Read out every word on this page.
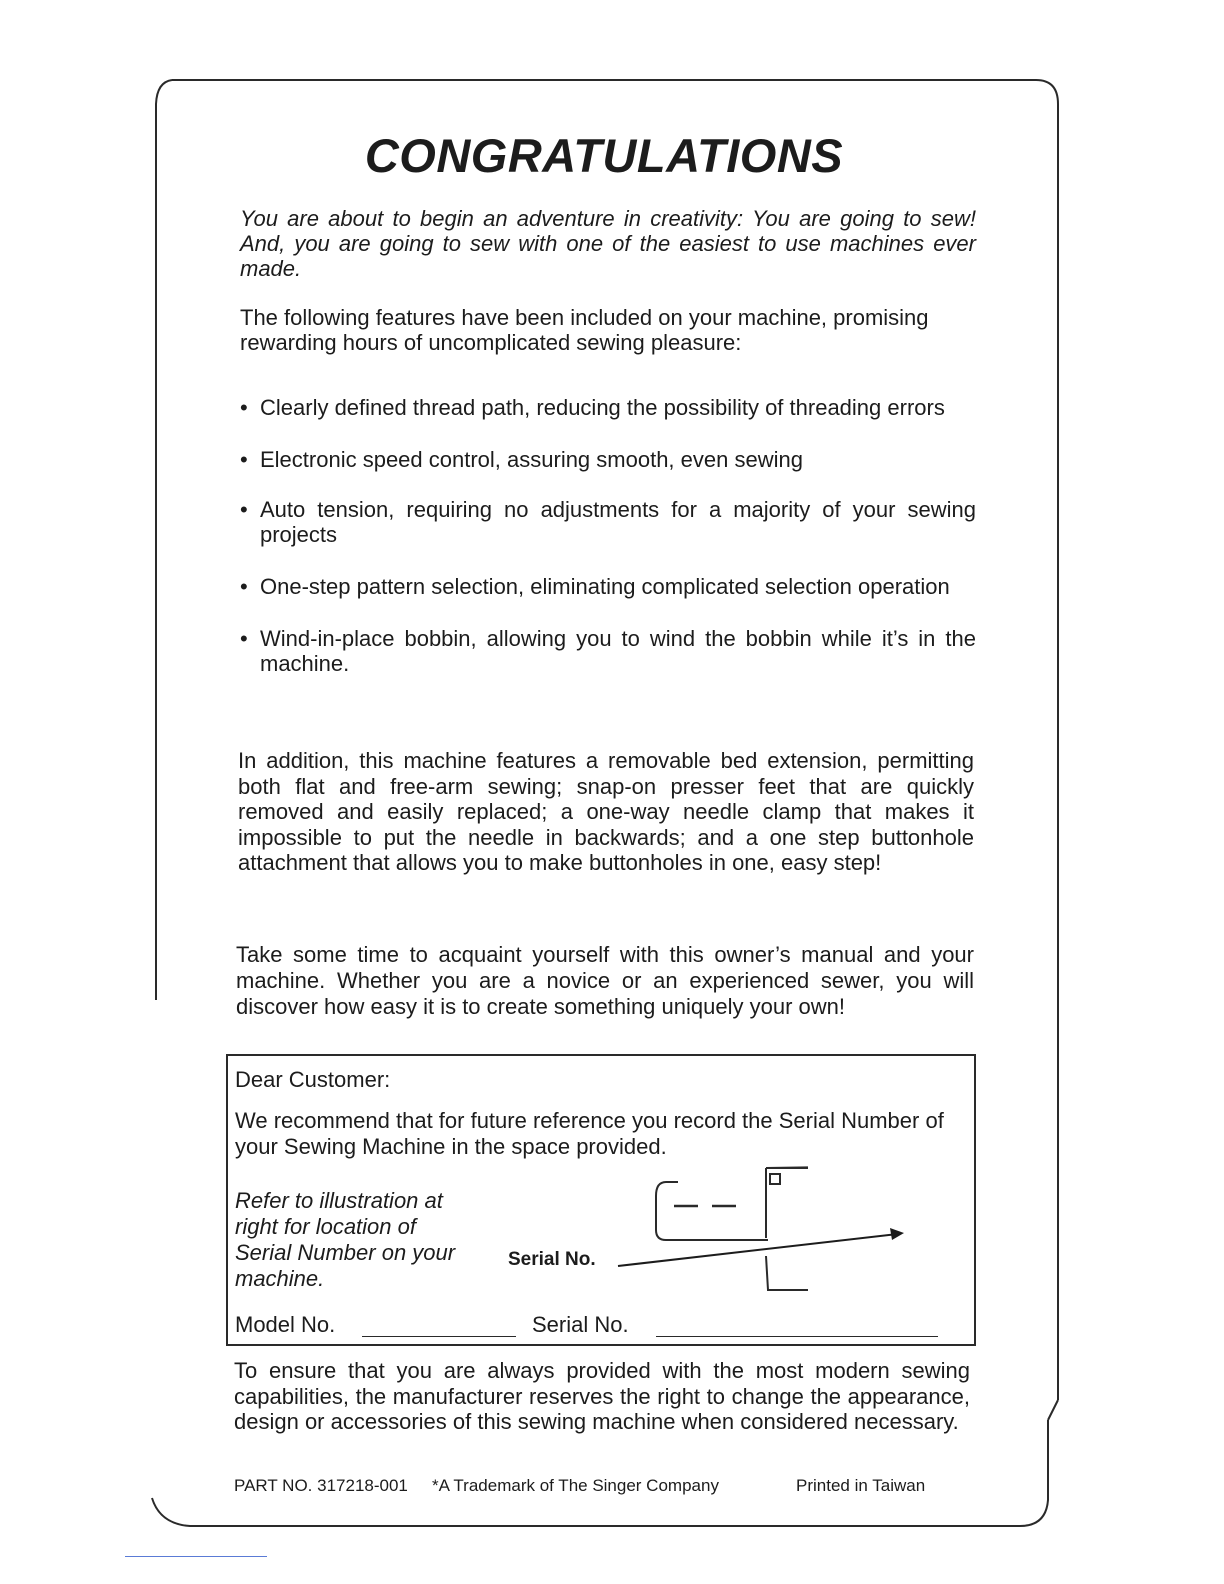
CONGRATULATIONS

You are about to begin an adventure in creativity: You are going to sew! And, you are going to sew with one of the easiest to use machines ever made.

The following features have been included on your machine, promising rewarding hours of uncomplicated sewing pleasure:

• Clearly defined thread path, reducing the possibility of threading errors
• Electronic speed control, assuring smooth, even sewing
• Auto tension, requiring no adjustments for a majority of your sewing projects
• One-step pattern selection, eliminating complicated selection operation
• Wind-in-place bobbin, allowing you to wind the bobbin while it’s in the machine.

In addition, this machine features a removable bed extension, permitting both flat and free-arm sewing; snap-on presser feet that are quickly removed and easily replaced; a one-way needle clamp that makes it impossible to put the needle in backwards; and a one step buttonhole attachment that allows you to make buttonholes in one, easy step!

Take some time to acquaint yourself with this owner’s manual and your machine. Whether you are a novice or an experienced sewer, you will discover how easy it is to create something uniquely your own!

Dear Customer:

We recommend that for future reference you record the Serial Number of your Sewing Machine in the space provided.

Refer to illustration at right for location of Serial Number on your machine.

Serial No.

Model No.	Serial No.

To ensure that you are always provided with the most modern sewing capabilities, the manufacturer reserves the right to change the appearance, design or accessories of this sewing machine when considered necessary.

PART NO. 317218-001 *A Trademark of The Singer Company	Printed in Taiwan
